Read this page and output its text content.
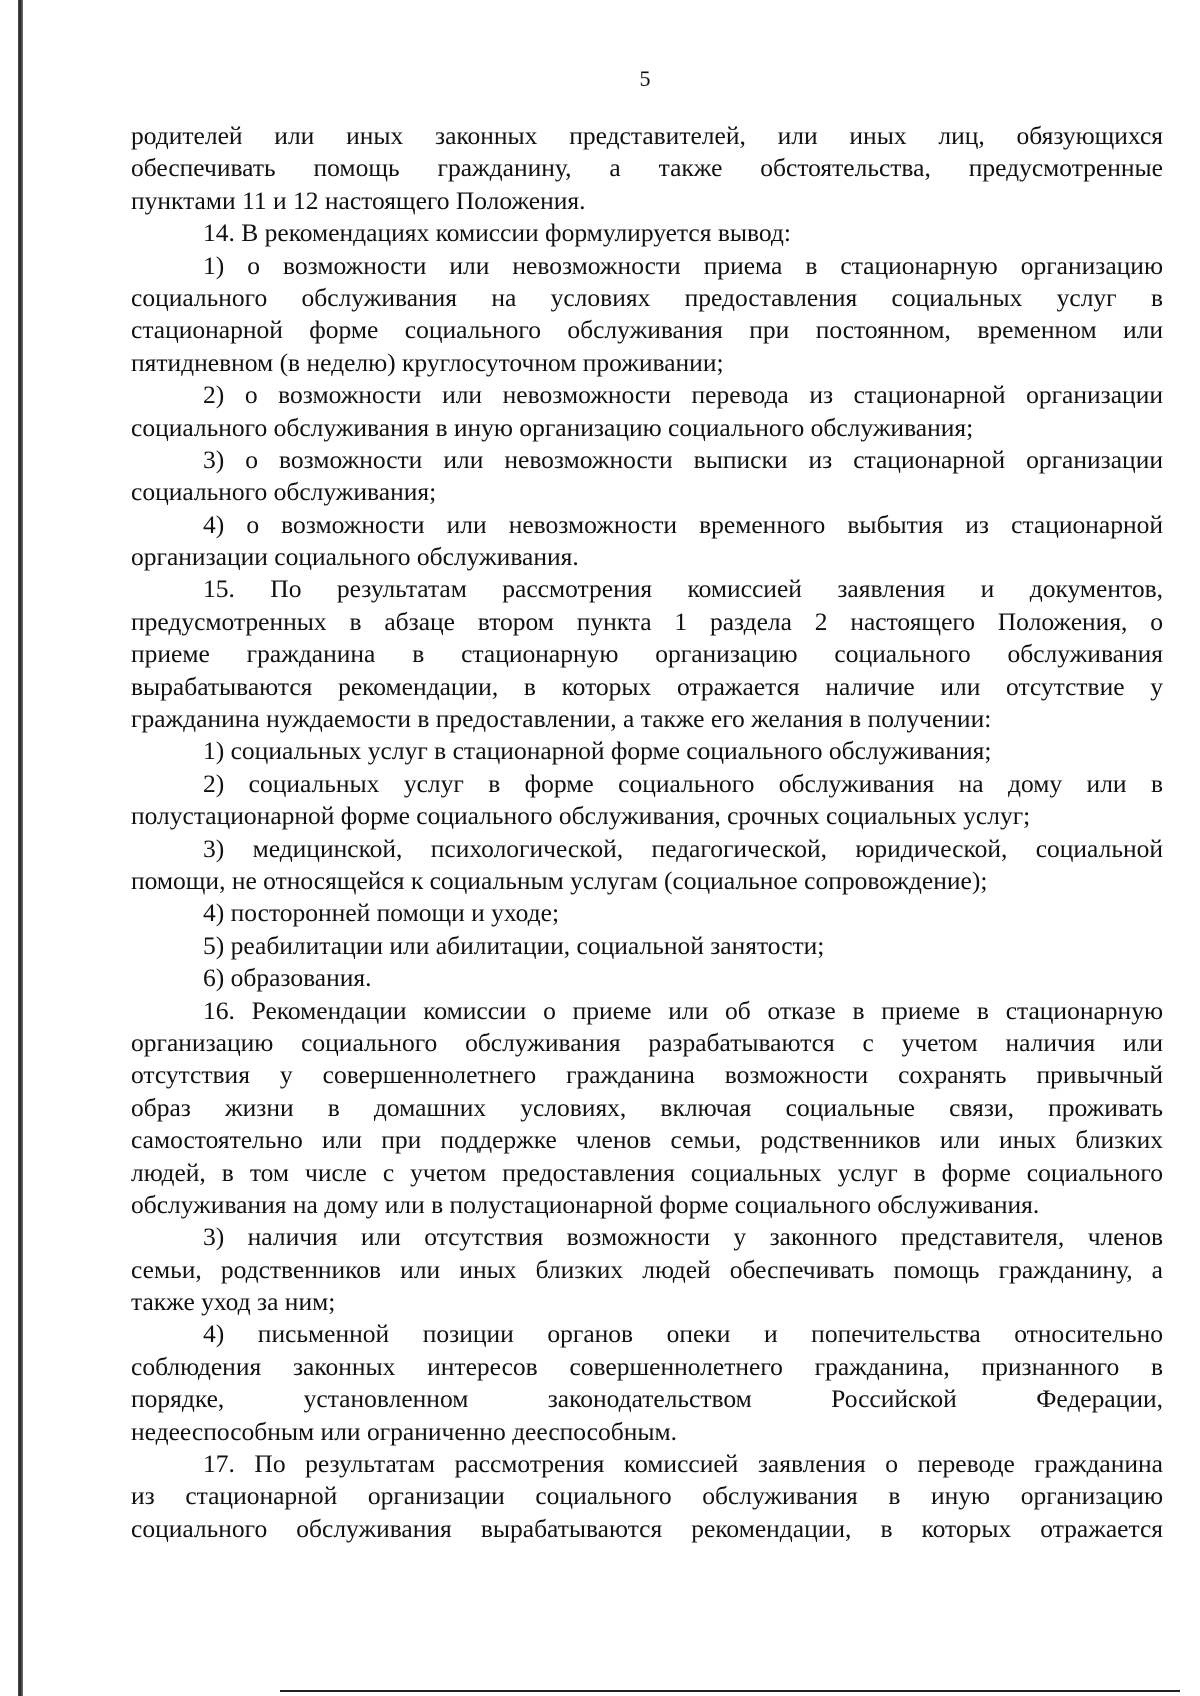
5
родителей или иных законных представителей, или иных лиц, обязующихся
обеспечивать помощь гражданину, а также обстоятельства, предусмотренные
пунктами 11 и 12 настоящего Положения.
14. В рекомендациях комиссии формулируется вывод:
1) о возможности или невозможности приема в стационарную организацию
социального обслуживания на условиях предоставления социальных услуг в
стационарной форме социального обслуживания при постоянном, временном или
пятидневном (в неделю) круглосуточном проживании;
2) о возможности или невозможности перевода из стационарной организации
социального обслуживания в иную организацию социального обслуживания;
3) о возможности или невозможности выписки из стационарной организации
социального обслуживания;
4) о возможности или невозможности временного выбытия из стационарной
организации социального обслуживания.
15. По результатам рассмотрения комиссией заявления и документов,
предусмотренных в абзаце втором пункта 1 раздела 2 настоящего Положения, о
приеме гражданина в стационарную организацию социального обслуживания
вырабатываются рекомендации, в которых отражается наличие или отсутствие у
гражданина нуждаемости в предоставлении, а также его желания в получении:
1) социальных услуг в стационарной форме социального обслуживания;
2) социальных услуг в форме социального обслуживания на дому или в
полустационарной форме социального обслуживания, срочных социальных услуг;
3) медицинской, психологической, педагогической, юридической, социальной
помощи, не относящейся к социальным услугам (социальное сопровождение);
4) посторонней помощи и уходе;
5) реабилитации или абилитации, социальной занятости;
6) образования.
16. Рекомендации комиссии о приеме или об отказе в приеме в стационарную
организацию социального обслуживания разрабатываются с учетом наличия или
отсутствия у совершеннолетнего гражданина возможности сохранять привычный
образ жизни в домашних условиях, включая социальные связи, проживать
самостоятельно или при поддержке членов семьи, родственников или иных близких
людей, в том числе с учетом предоставления социальных услуг в форме социального
обслуживания на дому или в полустационарной форме социального обслуживания.
3) наличия или отсутствия возможности у законного представителя, членов
семьи, родственников или иных близких людей обеспечивать помощь гражданину, а
также уход за ним;
4) письменной позиции органов опеки и попечительства относительно
соблюдения законных интересов совершеннолетнего гражданина, признанного в
порядке, установленном законодательством Российской Федерации,
недееспособным или ограниченно дееспособным.
17. По результатам рассмотрения комиссией заявления о переводе гражданина
из стационарной организации социального обслуживания в иную организацию
социального обслуживания вырабатываются рекомендации, в которых отражается
